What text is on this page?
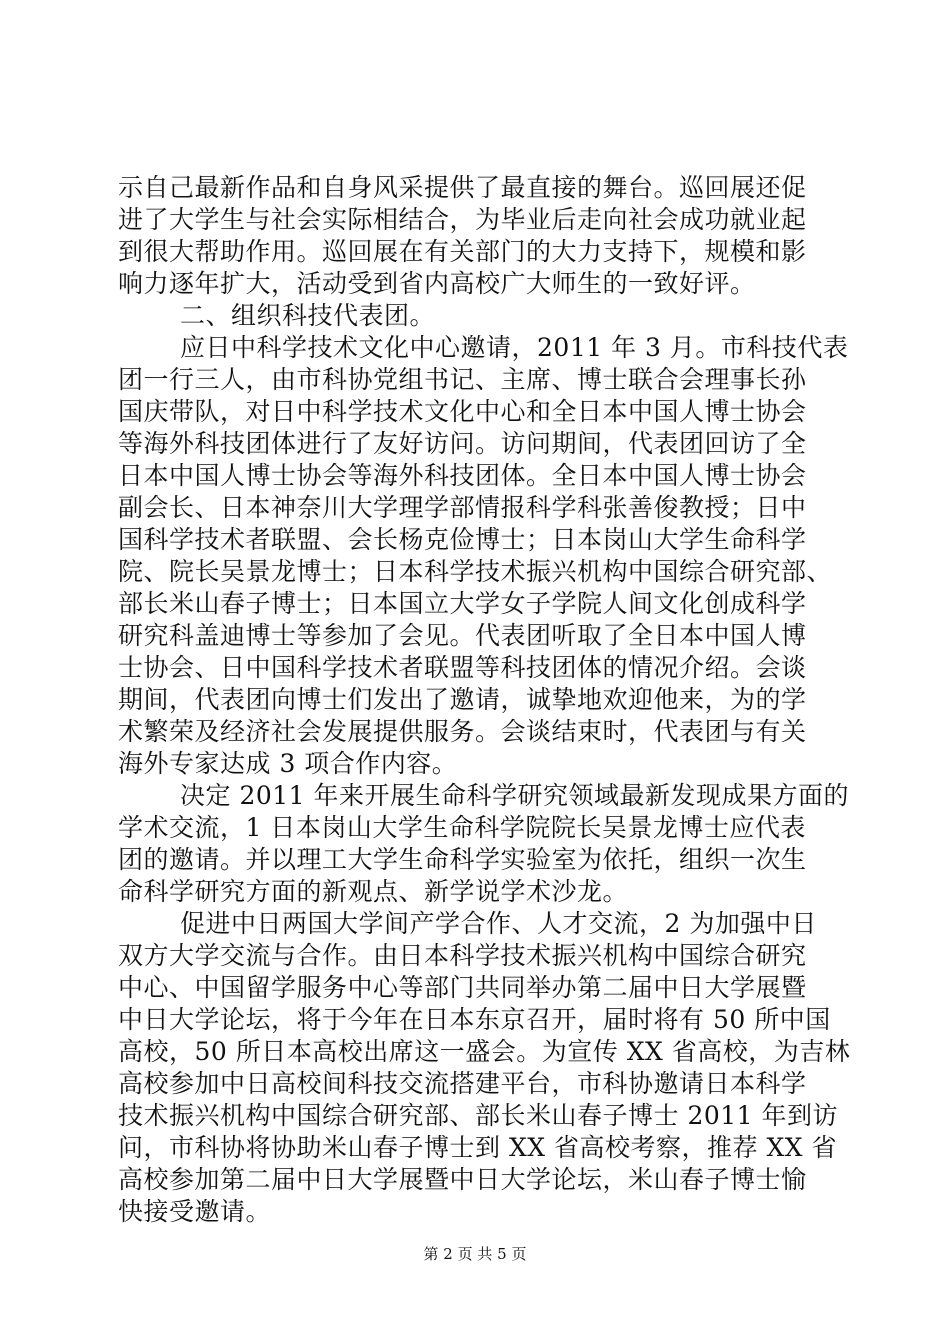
示自己最新作品和自身风采提供了最直接的舞台。巡回展还促
进了大学生与社会实际相结合，为毕业后走向社会成功就业起
到很大帮助作用。巡回展在有关部门的大力支持下，规模和影
响力逐年扩大，活动受到省内高校广大师生的一致好评。
二、组织科技代表团。
应日中科学技术文化中心邀请，2011 年 3 月。市科技代表
团一行三人，由市科协党组书记、主席、博士联合会理事长孙
国庆带队，对日中科学技术文化中心和全日本中国人博士协会
等海外科技团体进行了友好访问。访问期间，代表团回访了全
日本中国人博士协会等海外科技团体。全日本中国人博士协会
副会长、日本神奈川大学理学部情报科学科张善俊教授；日中
国科学技术者联盟、会长杨克俭博士；日本岗山大学生命科学
院、院长吴景龙博士；日本科学技术振兴机构中国综合研究部、
部长米山春子博士；日本国立大学女子学院人间文化创成科学
研究科盖迪博士等参加了会见。代表团听取了全日本中国人博
士协会、日中国科学技术者联盟等科技团体的情况介绍。会谈
期间，代表团向博士们发出了邀请，诚挚地欢迎他来，为的学
术繁荣及经济社会发展提供服务。会谈结束时，代表团与有关
海外专家达成 3 项合作内容。
决定 2011 年来开展生命科学研究领域最新发现成果方面的
学术交流，1 日本岗山大学生命科学院院长吴景龙博士应代表
团的邀请。并以理工大学生命科学实验室为依托，组织一次生
命科学研究方面的新观点、新学说学术沙龙。
促进中日两国大学间产学合作、人才交流，2 为加强中日
双方大学交流与合作。由日本科学技术振兴机构中国综合研究
中心、中国留学服务中心等部门共同举办第二届中日大学展暨
中日大学论坛，将于今年在日本东京召开，届时将有 50 所中国
高校，50 所日本高校出席这一盛会。为宣传 XX 省高校，为吉林
高校参加中日高校间科技交流搭建平台，市科协邀请日本科学
技术振兴机构中国综合研究部、部长米山春子博士 2011 年到访
问，市科协将协助米山春子博士到 XX 省高校考察，推荐 XX 省
高校参加第二届中日大学展暨中日大学论坛，米山春子博士愉
快接受邀请。
第 2 页 共 5 页
